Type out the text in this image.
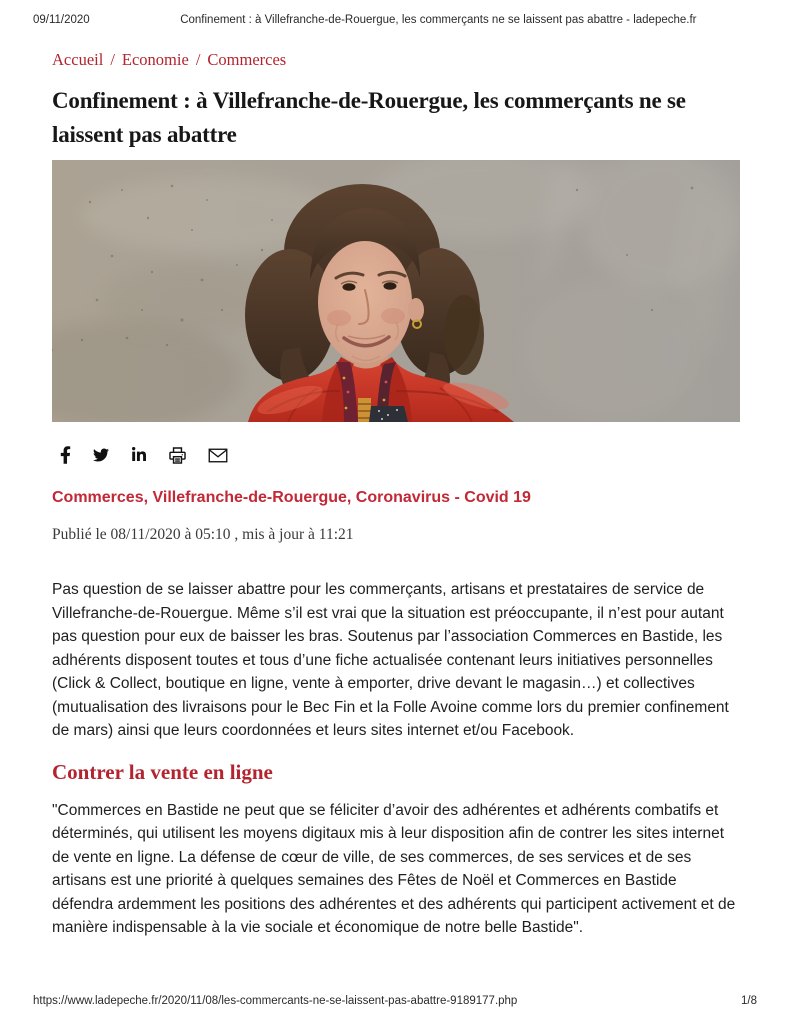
09/11/2020	Confinement : à Villefranche-de-Rouergue, les commerçants ne se laissent pas abattre - ladepeche.fr
Accueil / Economie / Commerces
Confinement : à Villefranche-de-Rouergue, les commerçants ne se laissent pas abattre
Commerces, Villefranche-de-Rouergue, Coronavirus - Covid 19
Publié le 08/11/2020 à 05:10 , mis à jour à 11:21

Pas question de se laisser abattre pour les commerçants, artisans et prestataires de service de Villefranche-de-Rouergue. Même s’il est vrai que la situation est préoccupante, il n’est pour autant pas question pour eux de baisser les bras. Soutenus par l’association Commerces en Bastide, les adhérents disposent toutes et tous d’une fiche actualisée contenant leurs initiatives personnelles (Click & Collect, boutique en ligne, vente à emporter, drive devant le magasin…) et collectives (mutualisation des livraisons pour le Bec Fin et la Folle Avoine comme lors du premier confinement de mars) ainsi que leurs coordonnées et leurs sites internet et/ou Facebook.

Contrer la vente en ligne

"Commerces en Bastide ne peut que se féliciter d’avoir des adhérentes et adhérents combatifs et déterminés, qui utilisent les moyens digitaux mis à leur disposition afin de contrer les sites internet de vente en ligne. La défense de cœur de ville, de ses commerces, de ses services et de ses artisans est une priorité à quelques semaines des Fêtes de Noël et Commerces en Bastide défendra ardemment les positions des adhérentes et des adhérents qui participent activement et de manière indispensable à la vie sociale et économique de notre belle Bastide".

https://www.ladepeche.fr/2020/11/08/les-commercants-ne-se-laissent-pas-abattre-9189177.php	1/8
